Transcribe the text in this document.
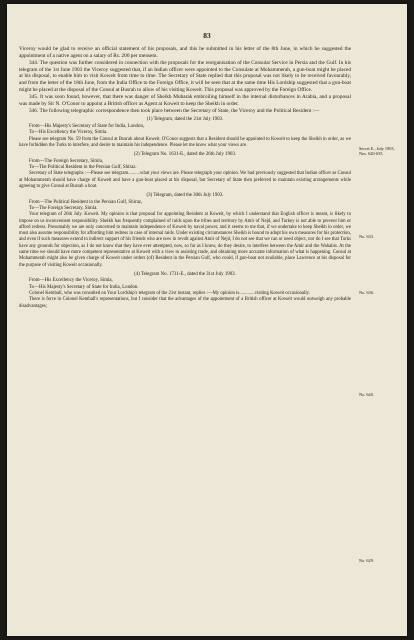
83
Secret E., July 1903, Nos. 620-635.
No. 633.
No. 636.
No. 640.
No. 629.

Viceroy would be glad to receive an official statement of his proposals, and this he submitted in his letter of the 8th June, in which he suggested the appointment of a native agent on a salary of Rs. 200 per mensem.

344. The question was further considered in connection with the proposals for the reorganisation of the Consular Service in Persia and the Gulf. In his telegram of the 1st June 1903 the Viceroy suggested that, if an Indian officer were appointed to the Consulate at Mohammerah, a gun-boat might be placed at his disposal, to enable him to visit Koweit from time to time. The Secretary of State replied that this proposal was not likely to be received favourably, and from the letter of the 18th June, from the India Office to the Foreign Office, it will be seen that at the same time His Lordship suggested that a gun-boat might be placed at the disposal of the Consul at Busrah to allow of his visiting Koweit. This proposal was approved by the Foreign Office.

345. It was soon found, however, that there was danger of Sheikh Mubarak embroiling himself in the internal disturbances in Arabia, and a proposal was made by Sir N. O'Conor to appoint a British officer as Agent at Koweit to keep the Sheikh in order.

346. The following telegraphic correspondence then took place between the Secretary of State, the Viceroy and the Political Resident :—

(1) Telegram, dated the 21st July 1903.
From—His Majesty's Secretary of State for India, London,
To—His Excellency the Viceroy, Simla.

Please see telegram No. 59 from the Consul at Busrah about Koweit. O'Conor suggests that a Resident should be appointed to Koweit to keep the Sheikh in order, as we have forbidden the Turks to interfere, and desire to maintain his independence. Please let me know what your views are.

(2) Telegram No. 1631-E., dated the 26th July 1903.
From—The Foreign Secretary, Simla,
To—The Political Resident in the Persian Gulf, Shiraz.

Secretary of State telegraphs :—Please see telegram..........what your views are. Please telegraph your opinion. We had previously suggested that Indian officer as Consul at Mohammerah should have charge of Koweit and have a gun-boat placed at his disposal, but Secretary of State then preferred to maintain existing arrangements while agreeing to give Consul at Busrah a boat.

(3) Telegram, dated the 30th July 1903.
From—The Political Resident in the Persian Gulf, Shiraz,
To—The Foreign Secretary, Simla.

Your telegram of 26th July. Koweit. My opinion is that proposal for appointing Resident at Koweit, by which I understand that English officer is meant, is likely to impose on us inconvenient responsibility. Sheikh has frequently complained of raids upon the tribes and territory by Amir of Nejd, and Turkey is not able to prevent him or afford redress. Presumably we are only concerned to maintain independence of Koweit by naval power, and it seems to me that, if we undertake to keep Sheikh in order, we must also assume responsibility for affording him redress in case of internal raids. Under existing circumstances Sheikh is bound to adopt his own measures for his protection, and even if such measures extend to indirect support of his friends who are now in revolt against Amir of Nejd, I do not see that we can or need object, nor do I see that Turks have any grounds for objection, as I do not know that they have ever attempted, now, so far as I know, do they desire, to interfere between the Amir and the Wahabis. At the same time we should have more competent representative at Koweit with a view to assisting trade, and obtaining more accurate information of what is happening. Consul at Mohammerah might also be given charge of Koweit under orders (of) Resident in the Persian Gulf, who could, if gun-boat not available, place Lawrence at his disposal for the purpose of visiting Koweit occasionally.

(4) Telegram No. 1731-E., dated the 31st July 1903.
From—His Excellency the Viceroy, Simla,
To—His Majesty's Secretary of State for India, London.

Colonel Kemball, who was consulted on Your Lordship's telegram of the 21st instant, replies :—My opinion is.............visiting Koweit occasionally.

There is force in Colonel Kemball's representations, but I consider that the advantages of the appointment of a British officer at Koweit would outweigh any probable disadvantages;
